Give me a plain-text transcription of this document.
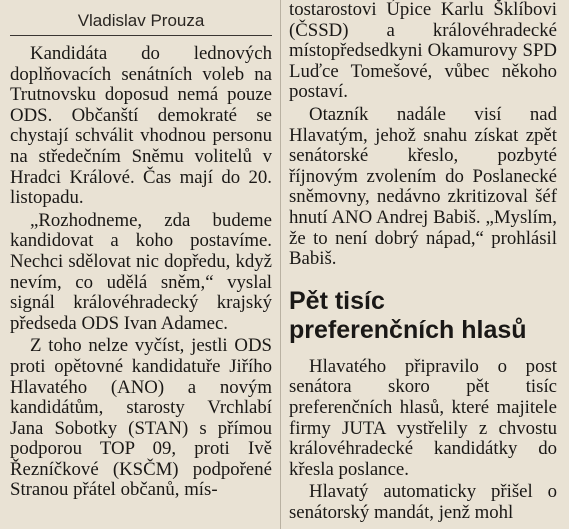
Vladislav Prouza

Kandidáta do lednových doplňovacích senátních voleb na Trutnovsku doposud nemá pouze ODS. Občanští demokraté se chystají schválit vhodnou personu na středečním Sněmu volitelů v Hradci Králové. Čas mají do 20. listopadu.

„Rozhodneme, zda budeme kandidovat a koho postavíme. Nechci sdělovat nic dopředu, když nevím, co udělá sněm,“ vyslal signál královéhradecký krajský předseda ODS Ivan Adamec.

Z toho nelze vyčíst, jestli ODS proti opětovné kandidatuře Jiřího Hlavatého (ANO) a novým kandidátům, starosty Vrchlabí Jana Sobotky (STAN) s přímou podporou TOP 09, proti Ivě Řezníčkové (KSČM) podpořené Stranou přátel občanů, mís-

tostarostovi Úpice Karlu Šklíbovi (ČSSD) a královéhradecké místopředsedkyni Okamurovy SPD Luďce Tomešové, vůbec někoho postaví.

Otazník nadále visí nad Hlavatým, jehož snahu získat zpět senátorské křeslo, pozbyté říjnovým zvolením do Poslanecké sněmovny, nedávno zkritizoval šéf hnutí ANO Andrej Babiš. „Myslím, že to není dobrý nápad,“ prohlásil Babiš.

Pět tisíc preferenčních hlasů

Hlavatého připravilo o post senátora skoro pět tisíc preferenčních hlasů, které majitele firmy JUTA vystřelily z chvostu královéhradecké kandidátky do křesla poslance.

Hlavatý automaticky přišel o senátorský mandát, jenž mohl
